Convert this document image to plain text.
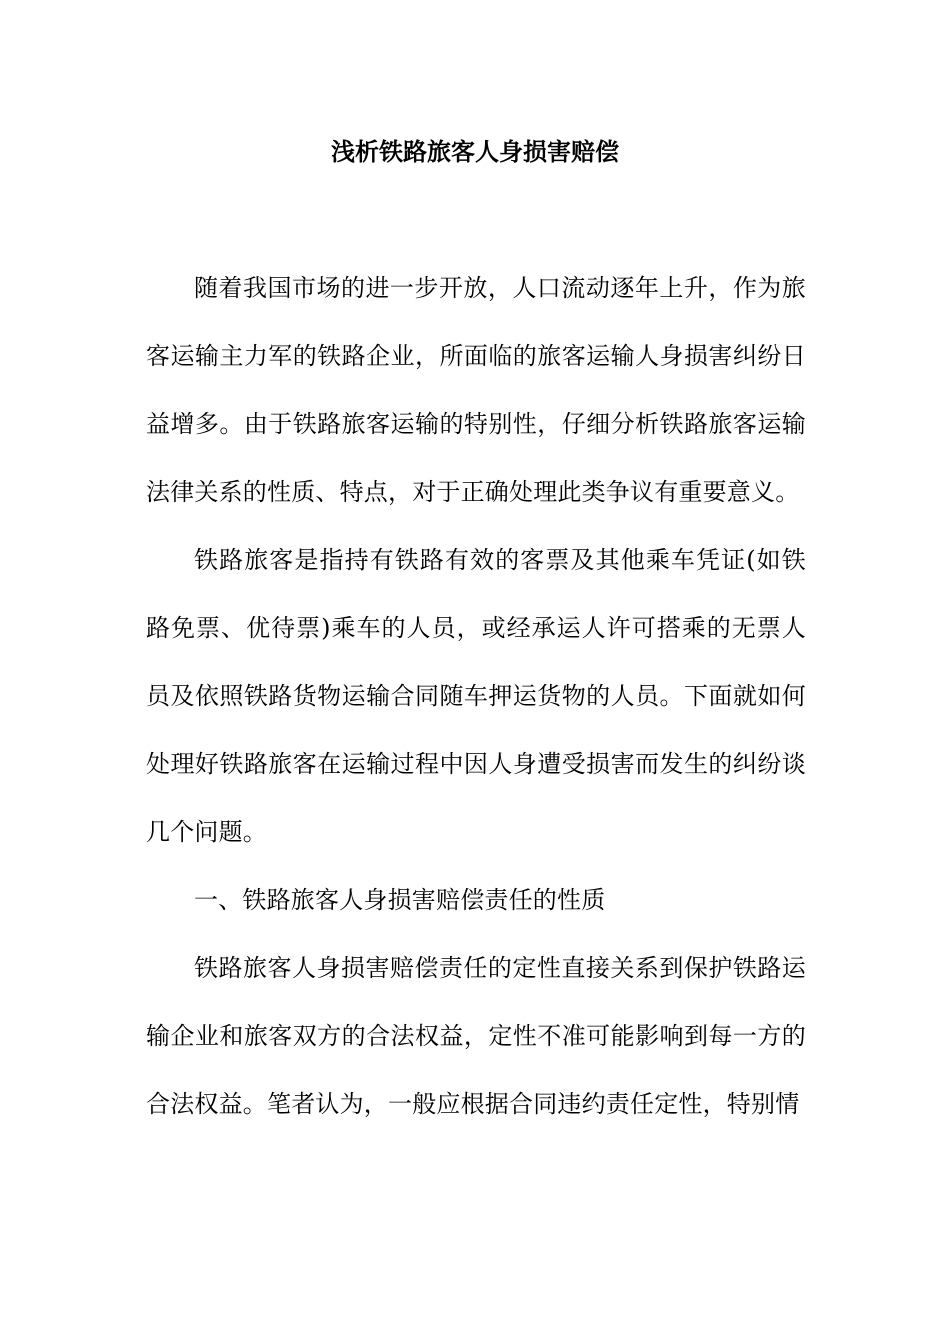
浅析铁路旅客人身损害赔偿

随着我国市场的进一步开放，人口流动逐年上升，作为旅客运输主力军的铁路企业，所面临的旅客运输人身损害纠纷日益增多。由于铁路旅客运输的特别性，仔细分析铁路旅客运输法律关系的性质、特点，对于正确处理此类争议有重要意义。

铁路旅客是指持有铁路有效的客票及其他乘车凭证(如铁路免票、优待票)乘车的人员，或经承运人许可搭乘的无票人员及依照铁路货物运输合同随车押运货物的人员。下面就如何处理好铁路旅客在运输过程中因人身遭受损害而发生的纠纷谈几个问题。

一、铁路旅客人身损害赔偿责任的性质

铁路旅客人身损害赔偿责任的定性直接关系到保护铁路运输企业和旅客双方的合法权益，定性不准可能影响到每一方的合法权益。笔者认为，一般应根据合同违约责任定性，特别情
